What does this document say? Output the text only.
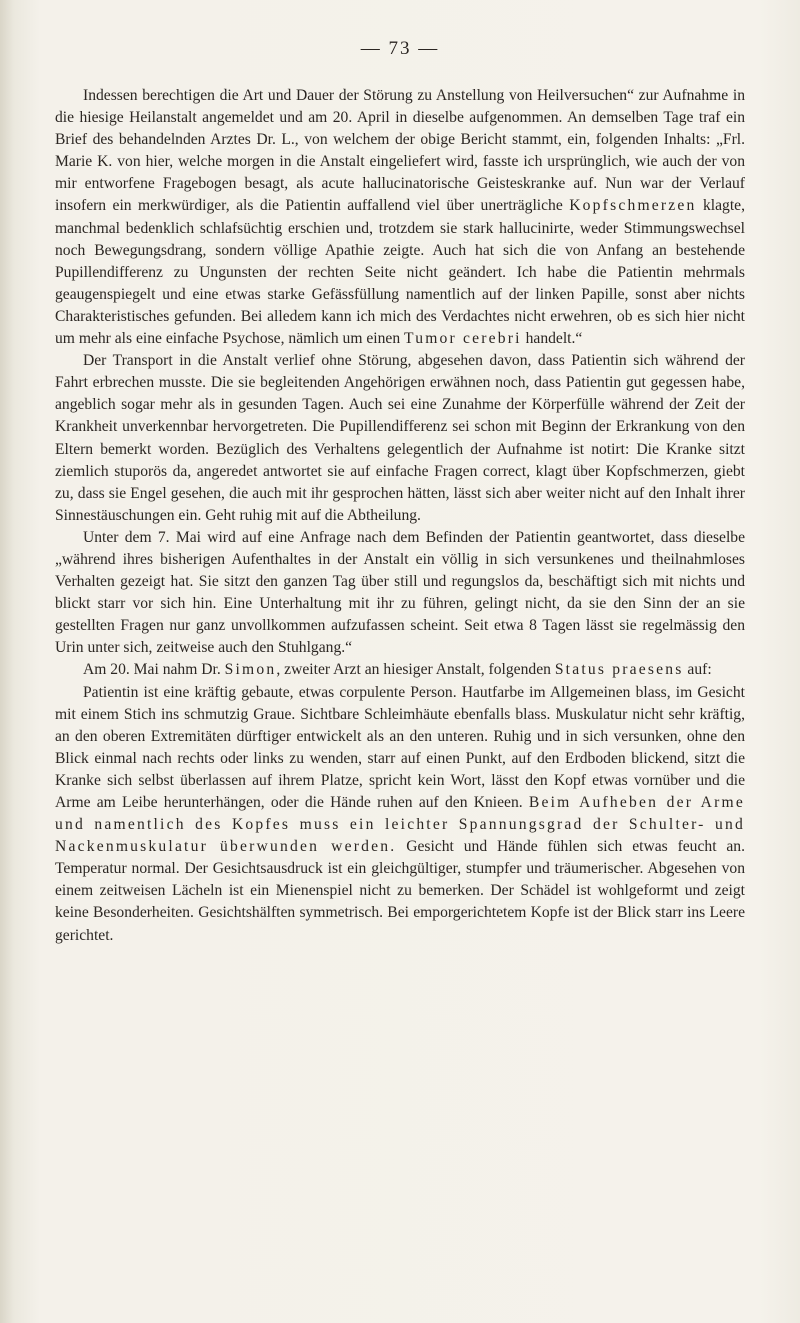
— 73 —

Indessen berechtigen die Art und Dauer der Störung zu Anstellung von Heilversuchen“ zur Aufnahme in die hiesige Heilanstalt angemeldet und am 20. April in dieselbe aufgenommen. An demselben Tage traf ein Brief des behandelnden Arztes Dr. L., von welchem der obige Bericht stammt, ein, folgenden Inhalts: „Frl. Marie K. von hier, welche morgen in die Anstalt eingeliefert wird, fasste ich ursprünglich, wie auch der von mir entworfene Fragebogen besagt, als acute hallucinatorische Geisteskranke auf. Nun war der Verlauf insofern ein merkwürdiger, als die Patientin auffallend viel über unerträgliche Kopfschmerzen klagte, manchmal bedenklich schlafsüchtig erschien und, trotzdem sie stark hallucinirte, weder Stimmungswechsel noch Bewegungsdrang, sondern völlige Apathie zeigte. Auch hat sich die von Anfang an bestehende Pupillendifferenz zu Ungunsten der rechten Seite nicht geändert. Ich habe die Patientin mehrmals geaugenspiegelt und eine etwas starke Gefässfüllung namentlich auf der linken Papille, sonst aber nichts Charakteristisches gefunden. Bei alledem kann ich mich des Verdachtes nicht erwehren, ob es sich hier nicht um mehr als eine einfache Psychose, nämlich um einen Tumor cerebri handelt.“

Der Transport in die Anstalt verlief ohne Störung, abgesehen davon, dass Patientin sich während der Fahrt erbrechen musste. Die sie begleitenden Angehörigen erwähnen noch, dass Patientin gut gegessen habe, angeblich sogar mehr als in gesunden Tagen. Auch sei eine Zunahme der Körperfülle während der Zeit der Krankheit unverkennbar hervorgetreten. Die Pupillendifferenz sei schon mit Beginn der Erkrankung von den Eltern bemerkt worden. Bezüglich des Verhaltens gelegentlich der Aufnahme ist notirt: Die Kranke sitzt ziemlich stuporös da, angeredet antwortet sie auf einfache Fragen correct, klagt über Kopfschmerzen, giebt zu, dass sie Engel gesehen, die auch mit ihr gesprochen hätten, lässt sich aber weiter nicht auf den Inhalt ihrer Sinnestäuschungen ein. Geht ruhig mit auf die Abtheilung.

Unter dem 7. Mai wird auf eine Anfrage nach dem Befinden der Patientin geantwortet, dass dieselbe „während ihres bisherigen Aufenthaltes in der Anstalt ein völlig in sich versunkenes und theilnahmloses Verhalten gezeigt hat. Sie sitzt den ganzen Tag über still und regungslos da, beschäftigt sich mit nichts und blickt starr vor sich hin. Eine Unterhaltung mit ihr zu führen, gelingt nicht, da sie den Sinn der an sie gestellten Fragen nur ganz unvollkommen aufzufassen scheint. Seit etwa 8 Tagen lässt sie regelmässig den Urin unter sich, zeitweise auch den Stuhlgang.“

Am 20. Mai nahm Dr. Simon, zweiter Arzt an hiesiger Anstalt, folgenden Status praesens auf:

Patientin ist eine kräftig gebaute, etwas corpulente Person. Hautfarbe im Allgemeinen blass, im Gesicht mit einem Stich ins schmutzig Graue. Sichtbare Schleimhäute ebenfalls blass. Muskulatur nicht sehr kräftig, an den oberen Extremitäten dürftiger entwickelt als an den unteren. Ruhig und in sich versunken, ohne den Blick einmal nach rechts oder links zu wenden, starr auf einen Punkt, auf den Erdboden blickend, sitzt die Kranke sich selbst überlassen auf ihrem Platze, spricht kein Wort, lässt den Kopf etwas vornüber und die Arme am Leibe herunterhängen, oder die Hände ruhen auf den Knieen. Beim Aufheben der Arme und namentlich des Kopfes muss ein leichter Spannungsgrad der Schulter- und Nackenmuskulatur überwunden werden. Gesicht und Hände fühlen sich etwas feucht an. Temperatur normal. Der Gesichtsausdruck ist ein gleichgültiger, stumpfer und träumerischer. Abgesehen von einem zeitweisen Lächeln ist ein Mienenspiel nicht zu bemerken. Der Schädel ist wohlgeformt und zeigt keine Besonderheiten. Gesichtshälften symmetrisch. Bei emporgerichtetem Kopfe ist der Blick starr ins Leere gerichtet.
